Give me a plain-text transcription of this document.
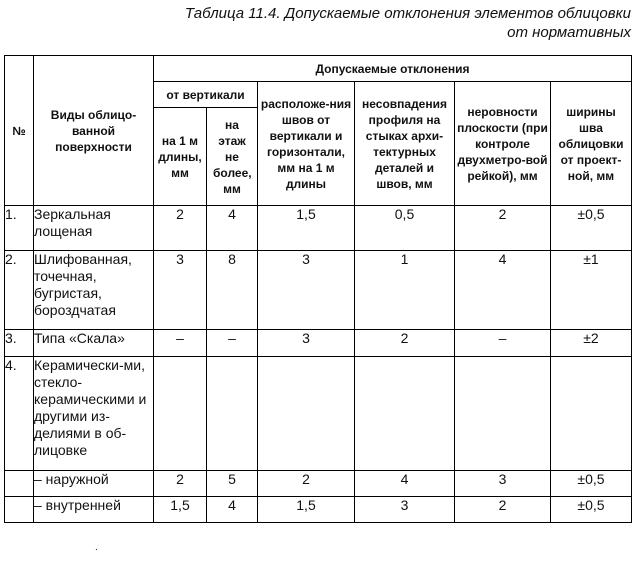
Таблица 11.4. Допускаемые отклонения элементов облицовки
от нормативных
№	Виды облицо-ванной поверхности	Допускаемые отклонения					
		от вертикали		расположе-ния швов от вертикали и горизонтали, мм на 1 м длины	несовпадения профиля на стыках архи-тектурных деталей и швов, мм	неровности плоскости (при контроле двухметро-вой рейкой), мм	ширины шва облицовки от проект-ной, мм
		на 1 м длины, мм	на этаж не более, мм				
1.	Зеркальная лощеная	2	4	1,5	0,5	2	±0,5
2.	Шлифованная, точечная, бугристая, бороздчатая	3	8	3	1	4	±1
3.	Типа «Скала»	–	–	3	2	–	±2
4.	Керамически-ми, стекло-керамическими и другими из-делиями в об-лицовке						
	– наружной	2	5	2	4	3	±0,5
	– внутренней	1,5	4	1,5	3	2	±0,5
.
